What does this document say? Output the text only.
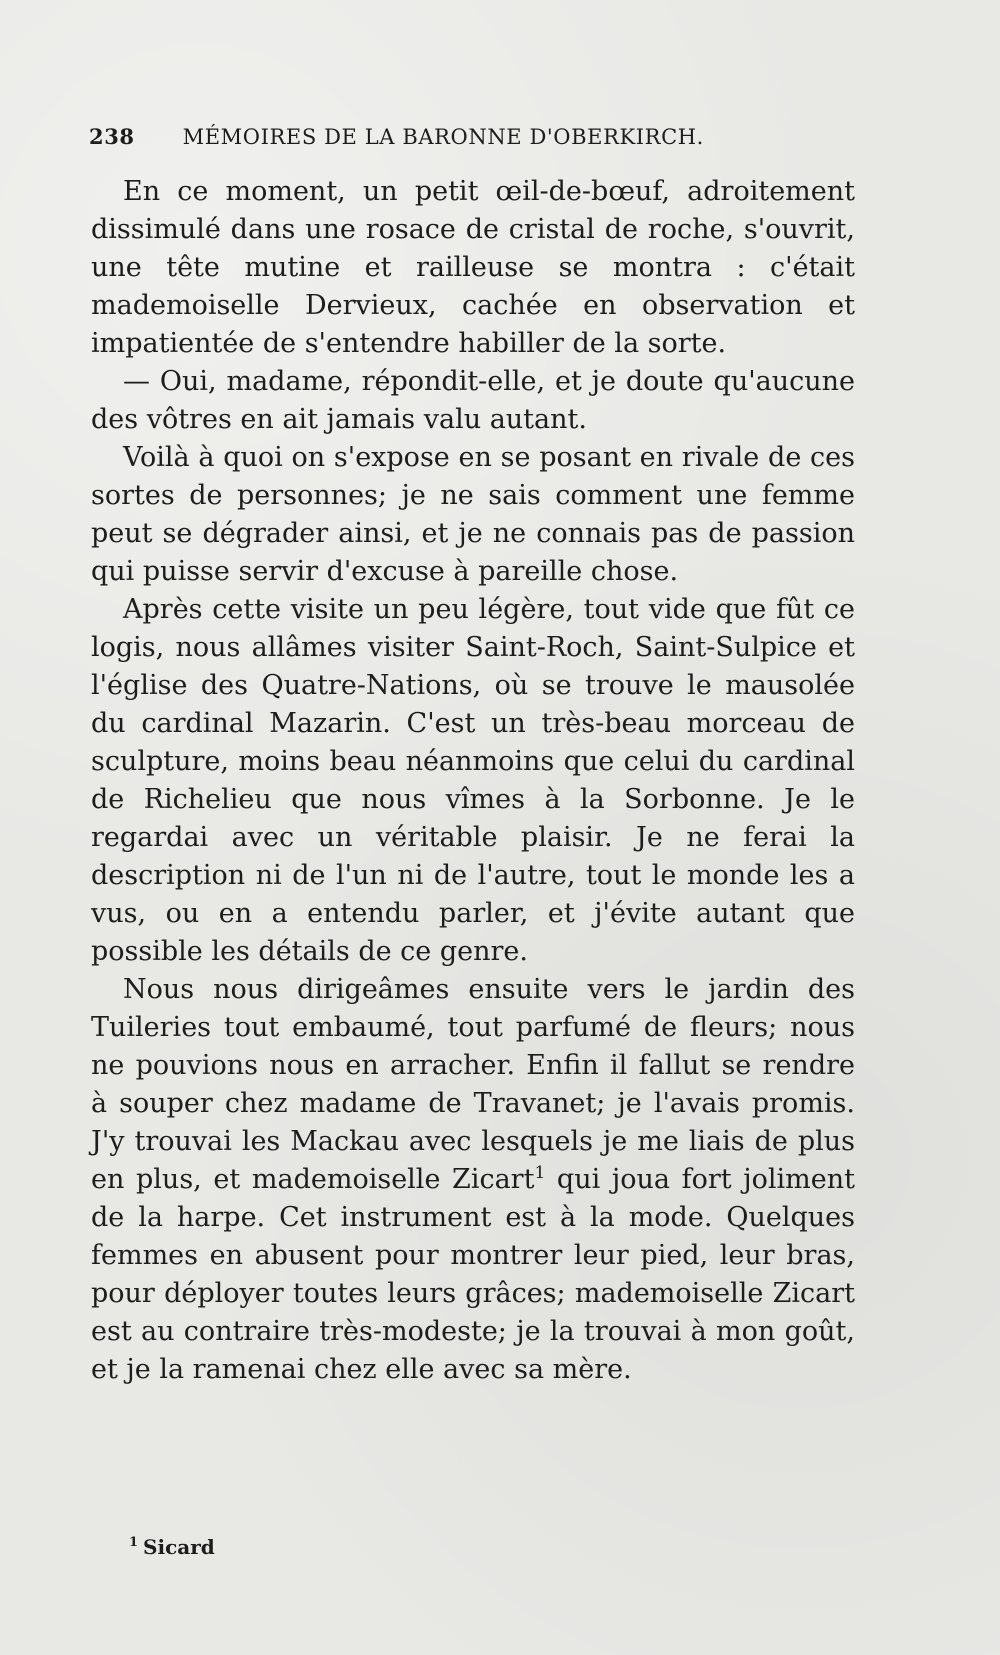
238 MÉMOIRES DE LA BARONNE D'OBERKIRCH.

En ce moment, un petit œil-de-bœuf, adroitement dissimulé dans une rosace de cristal de roche, s'ouvrit, une tête mutine et railleuse se montra : c'était mademoiselle Dervieux, cachée en observation et impatientée de s'entendre habiller de la sorte.

— Oui, madame, répondit-elle, et je doute qu'aucune des vôtres en ait jamais valu autant.

Voilà à quoi on s'expose en se posant en rivale de ces sortes de personnes; je ne sais comment une femme peut se dégrader ainsi, et je ne connais pas de passion qui puisse servir d'excuse à pareille chose.

Après cette visite un peu légère, tout vide que fût ce logis, nous allâmes visiter Saint-Roch, Saint-Sulpice et l'église des Quatre-Nations, où se trouve le mausolée du cardinal Mazarin. C'est un très-beau morceau de sculpture, moins beau néanmoins que celui du cardinal de Richelieu que nous vîmes à la Sorbonne. Je le regardai avec un véritable plaisir. Je ne ferai la description ni de l'un ni de l'autre, tout le monde les a vus, ou en a entendu parler, et j'évite autant que possible les détails de ce genre.

Nous nous dirigeâmes ensuite vers le jardin des Tuileries tout embaumé, tout parfumé de fleurs; nous ne pouvions nous en arracher. Enfin il fallut se rendre à souper chez madame de Travanet; je l'avais promis. J'y trouvai les Mackau avec lesquels je me liais de plus en plus, et mademoiselle Zicart$^1$ qui joua fort joliment de la harpe. Cet instrument est à la mode. Quelques femmes en abusent pour montrer leur pied, leur bras, pour déployer toutes leurs grâces; mademoiselle Zicart est au contraire très-modeste; je la trouvai à mon goût, et je la ramenai chez elle avec sa mère.

$^1$ Sicard
